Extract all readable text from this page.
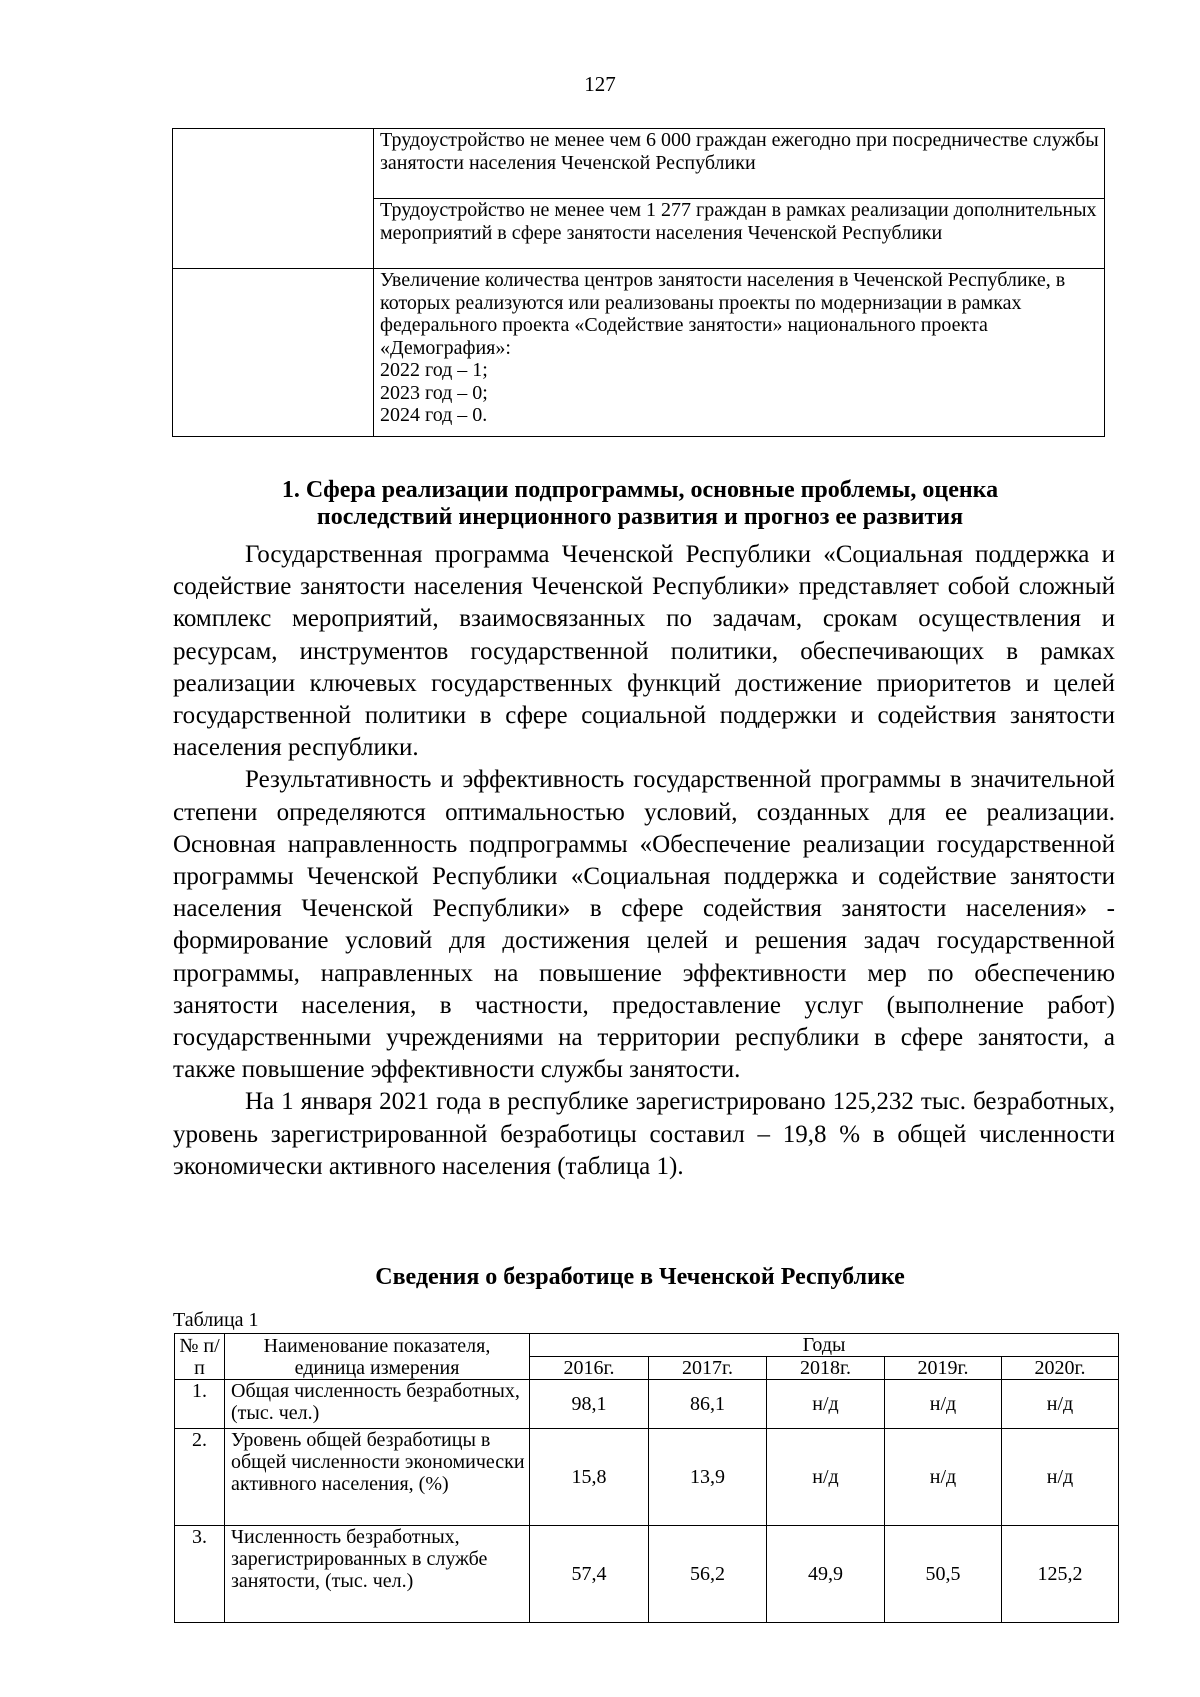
127
	Трудоустройство не менее чем 6 000 граждан ежегодно при посредничестве службы занятости населения Чеченской Республики
	Трудоустройство не менее чем 1 277 граждан в рамках реализации дополнительных мероприятий в сфере занятости населения Чеченской Республики

	Увеличение количества центров занятости населения в Чеченской Республике, в которых реализуются или реализованы проекты по модернизации в рамках федерального проекта «Содействие занятости» национального проекта «Демография»:
2022 год – 1;
2023 год – 0;
2024 год – 0.
1. Сфера реализации подпрограммы, основные проблемы, оценка
последствий инерционного развития и прогноз ее развития

Государственная программа Чеченской Республики «Социальная поддержка и содействие занятости населения Чеченской Республики» представляет собой сложный комплекс мероприятий, взаимосвязанных по задачам, срокам осуществления и ресурсам, инструментов государственной политики, обеспечивающих в рамках реализации ключевых государственных функций достижение приоритетов и целей государственной политики в сфере социальной поддержки и содействия занятости населения республики.

Результативность и эффективность государственной программы в значительной степени определяются оптимальностью условий, созданных для ее реализации. Основная направленность подпрограммы «Обеспечение реализации государственной программы Чеченской Республики «Социальная поддержка и содействие занятости населения Чеченской Республики» в сфере содействия занятости населения» - формирование условий для достижения целей и решения задач государственной программы, направленных на повышение эффективности мер по обеспечению занятости населения, в частности, предоставление услуг (выполнение работ) государственными учреждениями на территории республики в сфере занятости, а также повышение эффективности службы занятости.

На 1 января 2021 года в республике зарегистрировано 125,232 тыс. безработных, уровень зарегистрированной безработицы составил – 19,8 % в общей численности экономически активного населения (таблица 1).

Сведения о безработице в Чеченской Республике
Таблица 1
№ п/п	Наименование показателя, единица измерения	Годы				
		2016г.	2017г.	2018г.	2019г.	2020г.
1.	Общая численность безработных, (тыс. чел.)	98,1	86,1	н/д	н/д	н/д
2.	Уровень общей безработицы в общей численности экономически активного населения, (%)	15,8	13,9	н/д	н/д	н/д
3.	Численность безработных, зарегистрированных в службе занятости, (тыс. чел.)	57,4	56,2	49,9	50,5	125,2
